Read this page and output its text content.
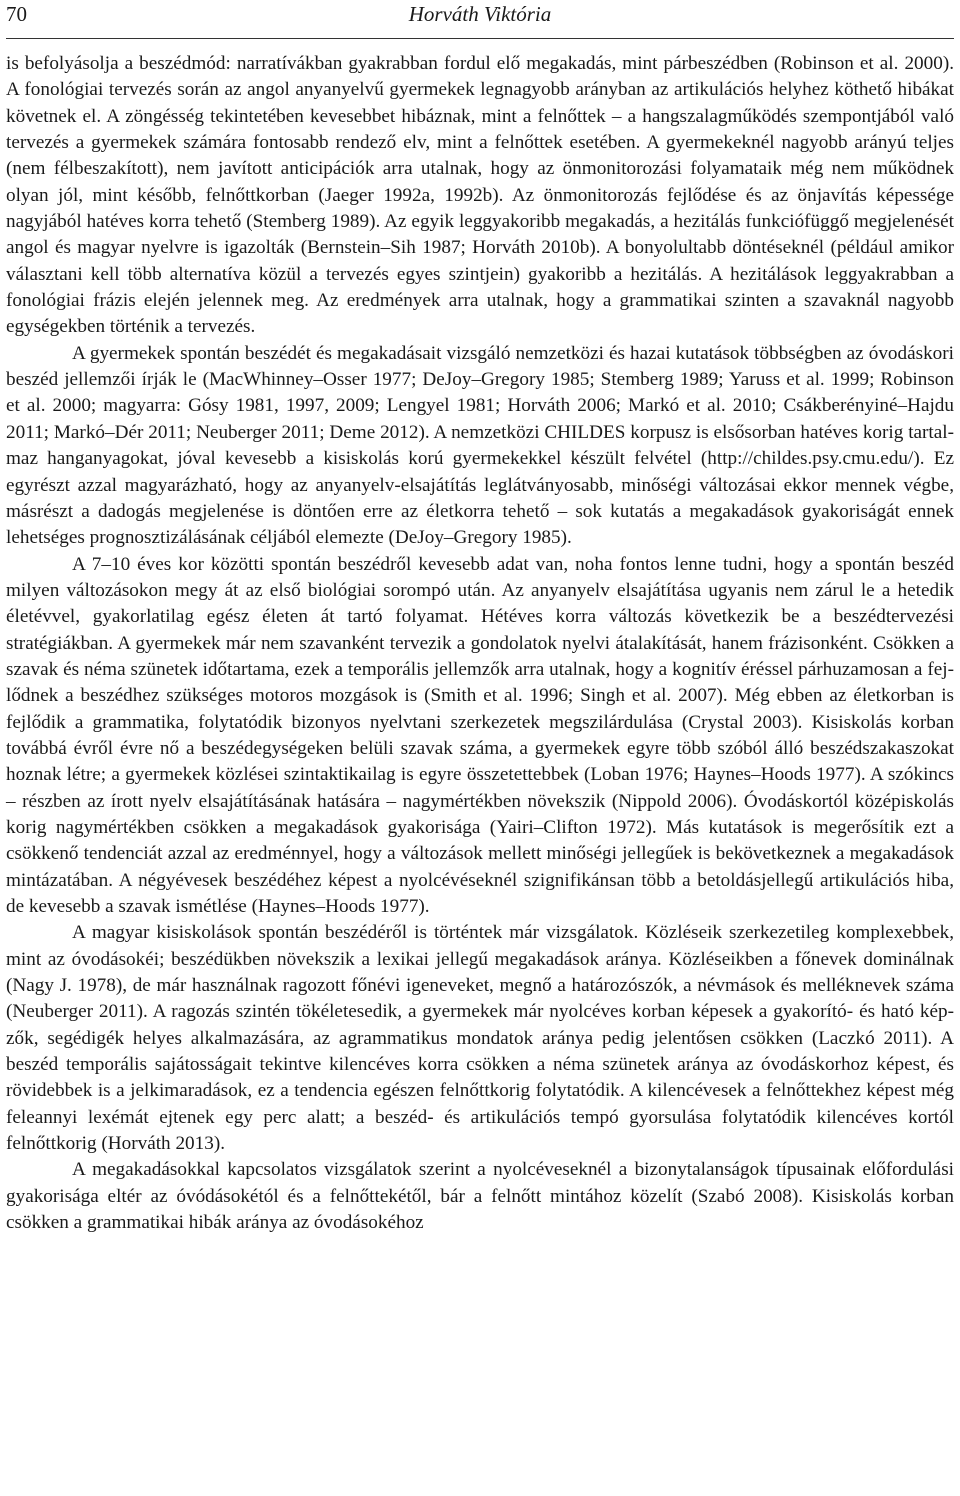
70	Horváth Viktória

is befolyásolja a beszédmód: narratívákban gyakrabban fordul elő megakadás, mint párbeszédben (Robinson et al. 2000). A fonológiai tervezés során az angol anyanyelvű gyermekek legnagyobb arányban az artikulációs helyhez köthető hibákat követnek el. A zöngésség tekintetében kevesebbet hibáznak, mint a felnőttek – a hangszalagműködés szempontjából való tervezés a gyermekek számára fontosabb rendező elv, mint a felnőttek esetében. A gyermekeknél nagyobb arányú teljes (nem félbeszakított), nem javított anticipációk arra utalnak, hogy az önmonitorozási folyamataik még nem működnek olyan jól, mint később, felnőttkorban (Jaeger 1992a, 1992b). Az önmonitorozás fejlődése és az önjavítás képessége nagyjából hatéves korra tehető (Stemberg 1989). Az egyik leggyakoribb megakadás, a hezitálás funkciófüggő megjelenését angol és magyar nyelvre is igazolták (Bernstein–Sih 1987; Horváth 2010b). A bonyolultabb döntéseknél (például amikor választani kell több alternatíva közül a tervezés egyes szintjein) gyakoribb a hezitálás. A hezitálások leggyakrabban a fonológiai frázis elején jelennek meg. Az eredmények arra utalnak, hogy a grammatikai szinten a szavaknál nagyobb egységekben történik a tervezés.

A gyermekek spontán beszédét és megakadásait vizsgáló nemzetközi és hazai kutatások többségben az óvodáskori beszéd jellemzői írják le (MacWhinney–Osser 1977; DeJoy–Gregory 1985; Stemberg 1989; Yaruss et al. 1999; Robinson et al. 2000; magyarra: Gósy 1981, 1997, 2009; Lengyel 1981; Horváth 2006; Markó et al. 2010; Csákberényiné–Hajdu 2011; Markó–Dér 2011; Neuberger 2011; Deme 2012). A nemzetközi CHILDES korpusz is elsősorban hatéves korig tartalmaz hanganyagokat, jóval kevesebb a kisiskolás korú gyermekekkel készült felvétel (http://childes.​psy.cmu.edu/). Ez egyrészt azzal magyarázható, hogy az anyanyelv-elsajátítás leglátványosabb, minőségi változásai ekkor mennek végbe, másrészt a dadogás megjelenése is döntően erre az életkorra tehető – sok kutatás a megakadások gyakoriságát ennek lehetséges prognosztizálásának céljából elemezte (DeJoy–Gregory 1985).

A 7–10 éves kor közötti spontán beszédről kevesebb adat van, noha fontos lenne tudni, hogy a spontán beszéd milyen változásokon megy át az első biológiai sorompó után. Az anyanyelv elsajátítása ugyanis nem zárul le a hetedik életévvel, gyakorlatilag egész életen át tartó folyamat. Hétéves korra változás következik be a beszédtervezési stratégiákban. A gyermekek már nem szavanként tervezik a gondolatok nyelvi átalakítását, hanem frázisonként. Csökken a szavak és néma szünetek időtartama, ezek a temporális jellemzők arra utalnak, hogy a kognitív éréssel párhuzamosan a fejlődnek a beszédhez szükséges motoros mozgások is (Smith et al. 1996; Singh et al. 2007). Még ebben az életkorban is fejlődik a grammatika, folytatódik bizonyos nyelvtani szerkezetek megszilárdulása (Crystal 2003). Kisiskolás korban továbbá évről évre nő a beszédegységeken belüli szavak száma, a gyermekek egyre több szóból álló beszédszakaszokat hoznak létre; a gyermekek közlései szintaktikailag is egyre összetettebbek (Loban 1976; Haynes–Hoods 1977). A szókincs – részben az írott nyelv elsajátításának hatására – nagymértékben növekszik (Nippold 2006). Óvodáskortól középiskolás korig nagymértékben csökken a megakadások gyakorisága (Yairi–Clifton 1972). Más kutatások is megerősítik ezt a csökkenő tendenciát azzal az eredménnyel, hogy a változások mellett minőségi jellegűek is bekövetkeznek a megakadások mintázatában. A négyévesek beszédéhez képest a nyolcévéseknél szignifikánsan több a betoldásjellegű artikulációs hiba, de kevesebb a szavak ismétlése (Haynes–Hoods 1977).

A magyar kisiskolások spontán beszédéről is történtek már vizsgálatok. Közléseik szerkezetileg komplexebbek, mint az óvodásokéi; beszédükben növekszik a lexikai jellegű megakadások aránya. Közléseikben a főnevek dominálnak (Nagy J. 1978), de már használnak ragozott főnévi igeneveket, megnő a határozószók, a névmások és melléknevek száma (Neuberger 2011). A ragozás szintén tökéletesedik, a gyermekek már nyolcéves korban képesek a gyakorító- és ható képzők, segédigék helyes alkalmazására, az agrammatikus mondatok aránya pedig jelentősen csökken (Laczkó 2011). A beszéd temporális sajátosságait tekintve kilencéves korra csökken a néma szünetek aránya az óvodáskorhoz képest, és rövidebbek is a jelkimaradások, ez a tendencia egészen felnőttkorig folytatódik. A kilencévesek a felnőttekhez képest még feleannyi lexémát ejtenek egy perc alatt; a beszéd- és artikulációs tempó gyorsulása folytatódik kilencéves kortól felnőttkorig (Horváth 2013).

A megakadásokkal kapcsolatos vizsgálatok szerint a nyolcéveseknél a bizonytalanságok típusainak előfordulási gyakorisága eltér az óvódásokétól és a felnőttekétől, bár a felnőtt mintához közelít (Szabó 2008). Kisiskolás korban csökken a grammatikai hibák aránya az óvodásokéhoz
